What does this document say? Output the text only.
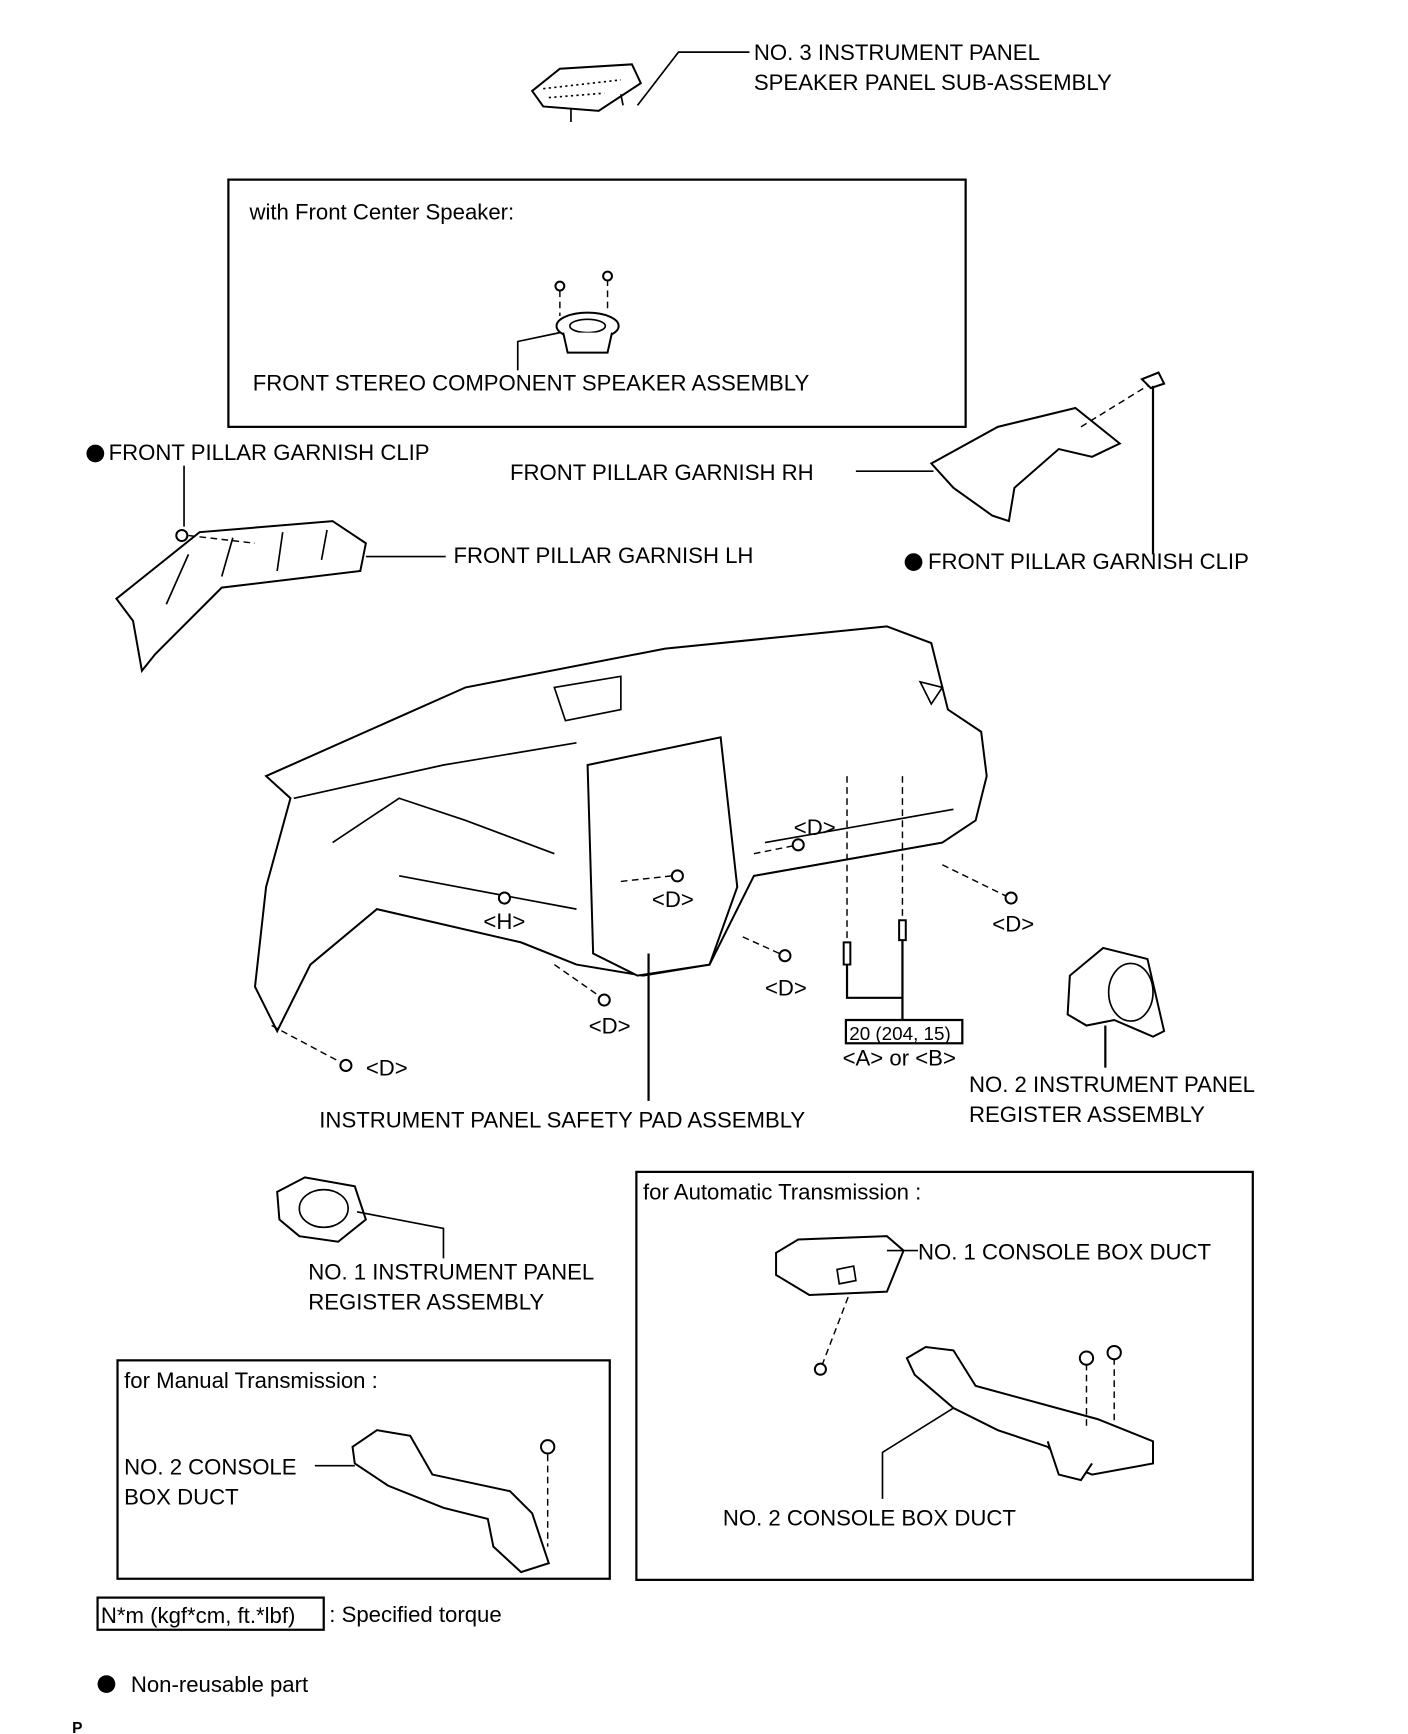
NO. 3 INSTRUMENT PANEL
SPEAKER PANEL SUB-ASSEMBLY
with Front Center Speaker:
FRONT STEREO COMPONENT SPEAKER ASSEMBLY
FRONT PILLAR GARNISH CLIP
FRONT PILLAR GARNISH LH
FRONT PILLAR GARNISH RH
FRONT PILLAR GARNISH CLIP
<D>
<H>
<D>
<D>
<D>
<D>
<D>
20 (204, 15)
<A> or <B>
NO. 2 INSTRUMENT PANEL
REGISTER ASSEMBLY
INSTRUMENT PANEL SAFETY PAD ASSEMBLY
NO. 1 INSTRUMENT PANEL
REGISTER ASSEMBLY
for Automatic Transmission :
NO. 1 CONSOLE BOX DUCT
NO. 2 CONSOLE BOX DUCT
for Manual Transmission :
NO. 2 CONSOLE
BOX DUCT
N*m (kgf*cm, ft.*lbf) : Specified torque
Non-reusable part
P
